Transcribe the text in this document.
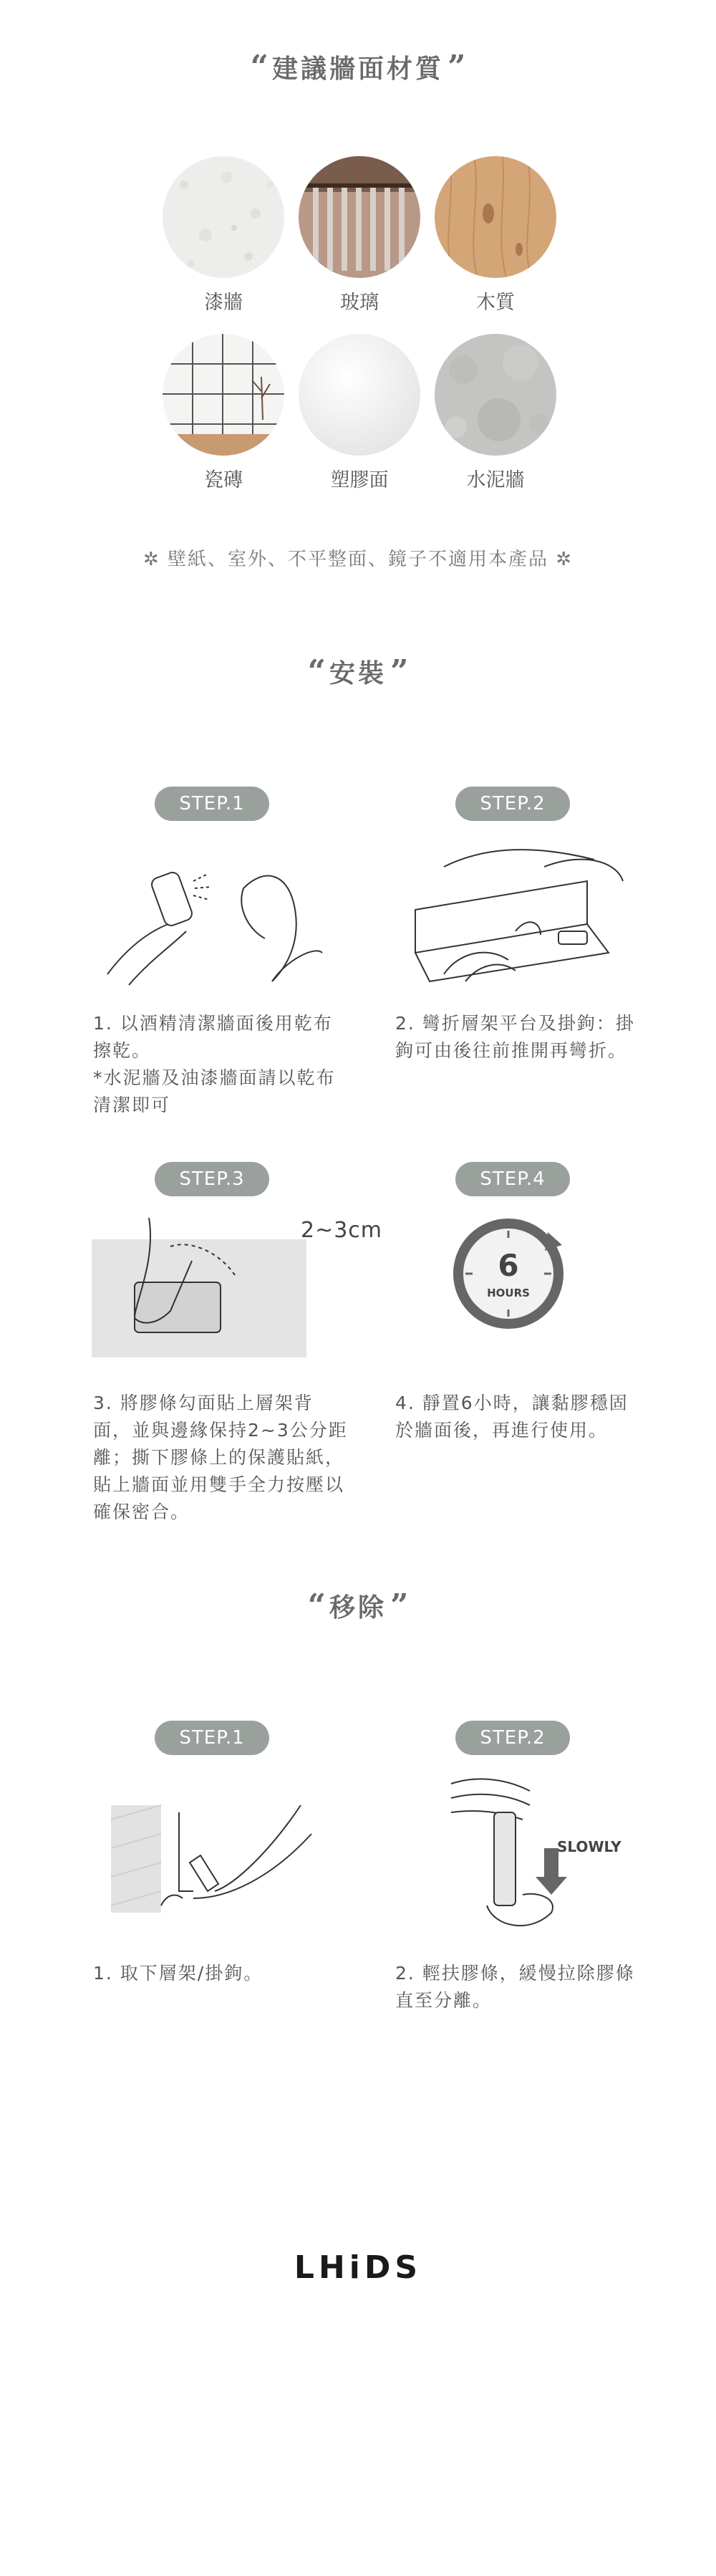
“ 建議牆面材質 ”
漆牆	玻璃	木質
瓷磚	塑膠面	水泥牆
✲ 壁紙、室外、不平整面、鏡子不適用本產品 ✲
“ 安裝 ”
STEP.1	STEP.2
1. 以酒精清潔牆面後用乾布擦乾。
*水泥牆及油漆牆面請以乾布清潔即可
2. 彎折層架平台及掛鉤：掛鉤可由後往前推開再彎折。
STEP.3	STEP.4
2~3cm
6
HOURS
3. 將膠條勾面貼上層架背面，並與邊緣保持2~3公分距離；撕下膠條上的保護貼紙，貼上牆面並用雙手全力按壓以確保密合。
4. 靜置6小時，讓黏膠穩固於牆面後，再進行使用。
“ 移除 ”
STEP.1	STEP.2
SLOWLY
1. 取下層架/掛鉤。	2. 輕扶膠條，緩慢拉除膠條直至分離。
LHiDS
